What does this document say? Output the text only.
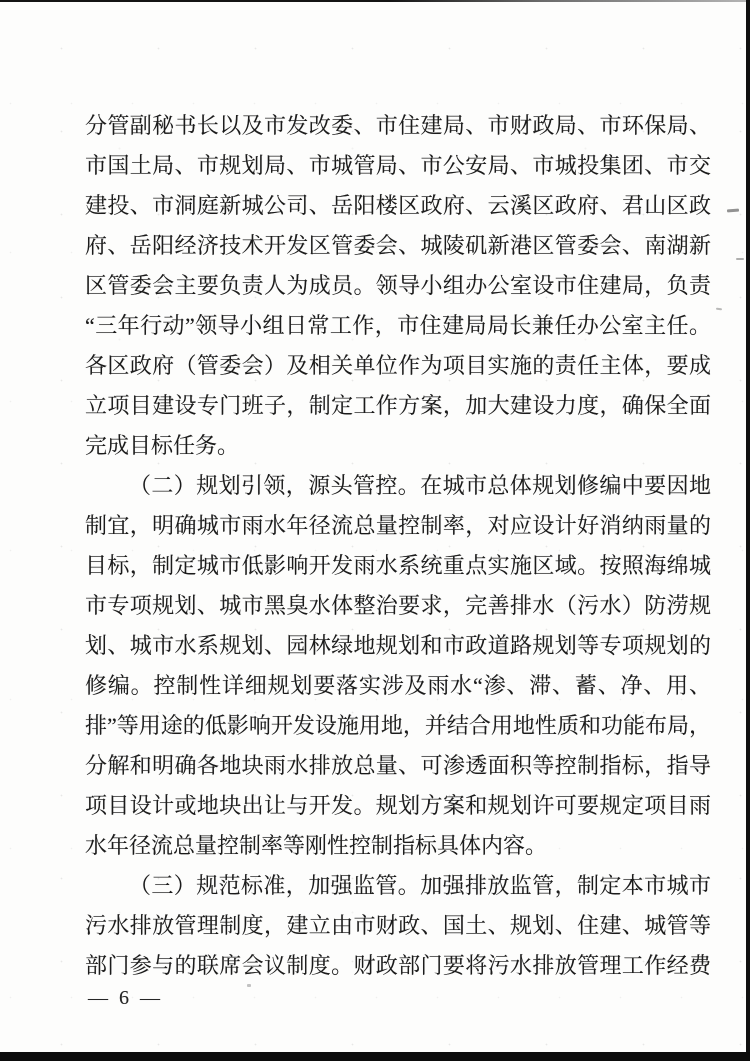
分管副秘书长以及市发改委、市住建局、市财政局、市环保局、
市国土局、市规划局、市城管局、市公安局、市城投集团、市交
建投、市洞庭新城公司、岳阳楼区政府、云溪区政府、君山区政
府、岳阳经济技术开发区管委会、城陵矶新港区管委会、南湖新
区管委会主要负责人为成员。领导小组办公室设市住建局，负责
“三年行动”领导小组日常工作，市住建局局长兼任办公室主任。
各区政府（管委会）及相关单位作为项目实施的责任主体，要成
立项目建设专门班子，制定工作方案，加大建设力度，确保全面
完成目标任务。
（二）规划引领，源头管控。在城市总体规划修编中要因地
制宜，明确城市雨水年径流总量控制率，对应设计好消纳雨量的
目标，制定城市低影响开发雨水系统重点实施区域。按照海绵城
市专项规划、城市黑臭水体整治要求，完善排水（污水）防涝规
划、城市水系规划、园林绿地规划和市政道路规划等专项规划的
修编。控制性详细规划要落实涉及雨水“渗、滞、蓄、净、用、
排”等用途的低影响开发设施用地，并结合用地性质和功能布局，
分解和明确各地块雨水排放总量、可渗透面积等控制指标，指导
项目设计或地块出让与开发。规划方案和规划许可要规定项目雨
水年径流总量控制率等刚性控制指标具体内容。
（三）规范标准，加强监管。加强排放监管，制定本市城市
污水排放管理制度，建立由市财政、国土、规划、住建、城管等
部门参与的联席会议制度。财政部门要将污水排放管理工作经费
— 6 —
